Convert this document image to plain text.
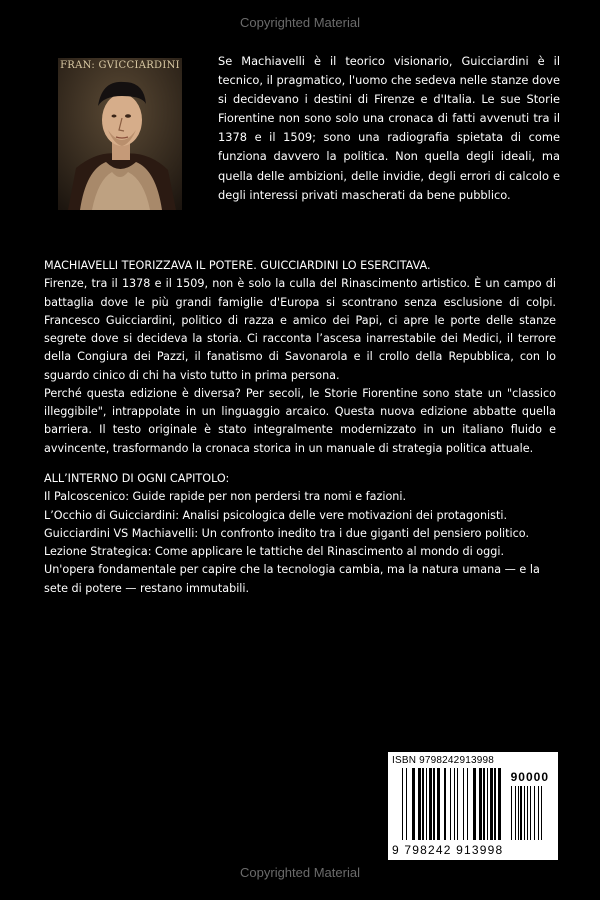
Copyrighted Material
FRAN: GVICCIARDINI	Se Machiavelli è il teorico visionario, Guicciardini è il tecnico, il pragmatico, l'uomo che sedeva nelle stanze dove si decidevano i destini di Firenze e d'Italia. Le sue Storie Fiorentine non sono solo una cronaca di fatti avvenuti tra il 1378 e il 1509; sono una radiografia spietata di come funziona davvero la politica. Non quella degli ideali, ma quella delle ambizioni, delle invidie, degli errori di calcolo e degli interessi privati mascherati da bene pubblico.

MACHIAVELLI TEORIZZAVA IL POTERE. GUICCIARDINI LO ESERCITAVA.

Firenze, tra il 1378 e il 1509, non è solo la culla del Rinascimento artistico. È un campo di battaglia dove le più grandi famiglie d'Europa si scontrano senza esclusione di colpi. Francesco Guicciardini, politico di razza e amico dei Papi, ci apre le porte delle stanze segrete dove si decideva la storia. Ci racconta l’ascesa inarrestabile dei Medici, il terrore della Congiura dei Pazzi, il fanatismo di Savonarola e il crollo della Repubblica, con lo sguardo cinico di chi ha visto tutto in prima persona.

Perché questa edizione è diversa? Per secoli, le Storie Fiorentine sono state un "classico illeggibile", intrappolate in un linguaggio arcaico. Questa nuova edizione abbatte quella barriera. Il testo originale è stato integralmente modernizzato in un italiano fluido e avvincente, trasformando la cronaca storica in un manuale di strategia politica attuale.

ALL’INTERNO DI OGNI CAPITOLO:

Il Palcoscenico: Guide rapide per non perdersi tra nomi e fazioni.

L’Occhio di Guicciardini: Analisi psicologica delle vere motivazioni dei protagonisti.

Guicciardini VS Machiavelli: Un confronto inedito tra i due giganti del pensiero politico.

Lezione Strategica: Come applicare le tattiche del Rinascimento al mondo di oggi.

Un'opera fondamentale per capire che la tecnologia cambia, ma la natura umana — e la sete di potere — restano immutabili.

ISBN 9798242913998
90000
9 798242 913998
Copyrighted Material
